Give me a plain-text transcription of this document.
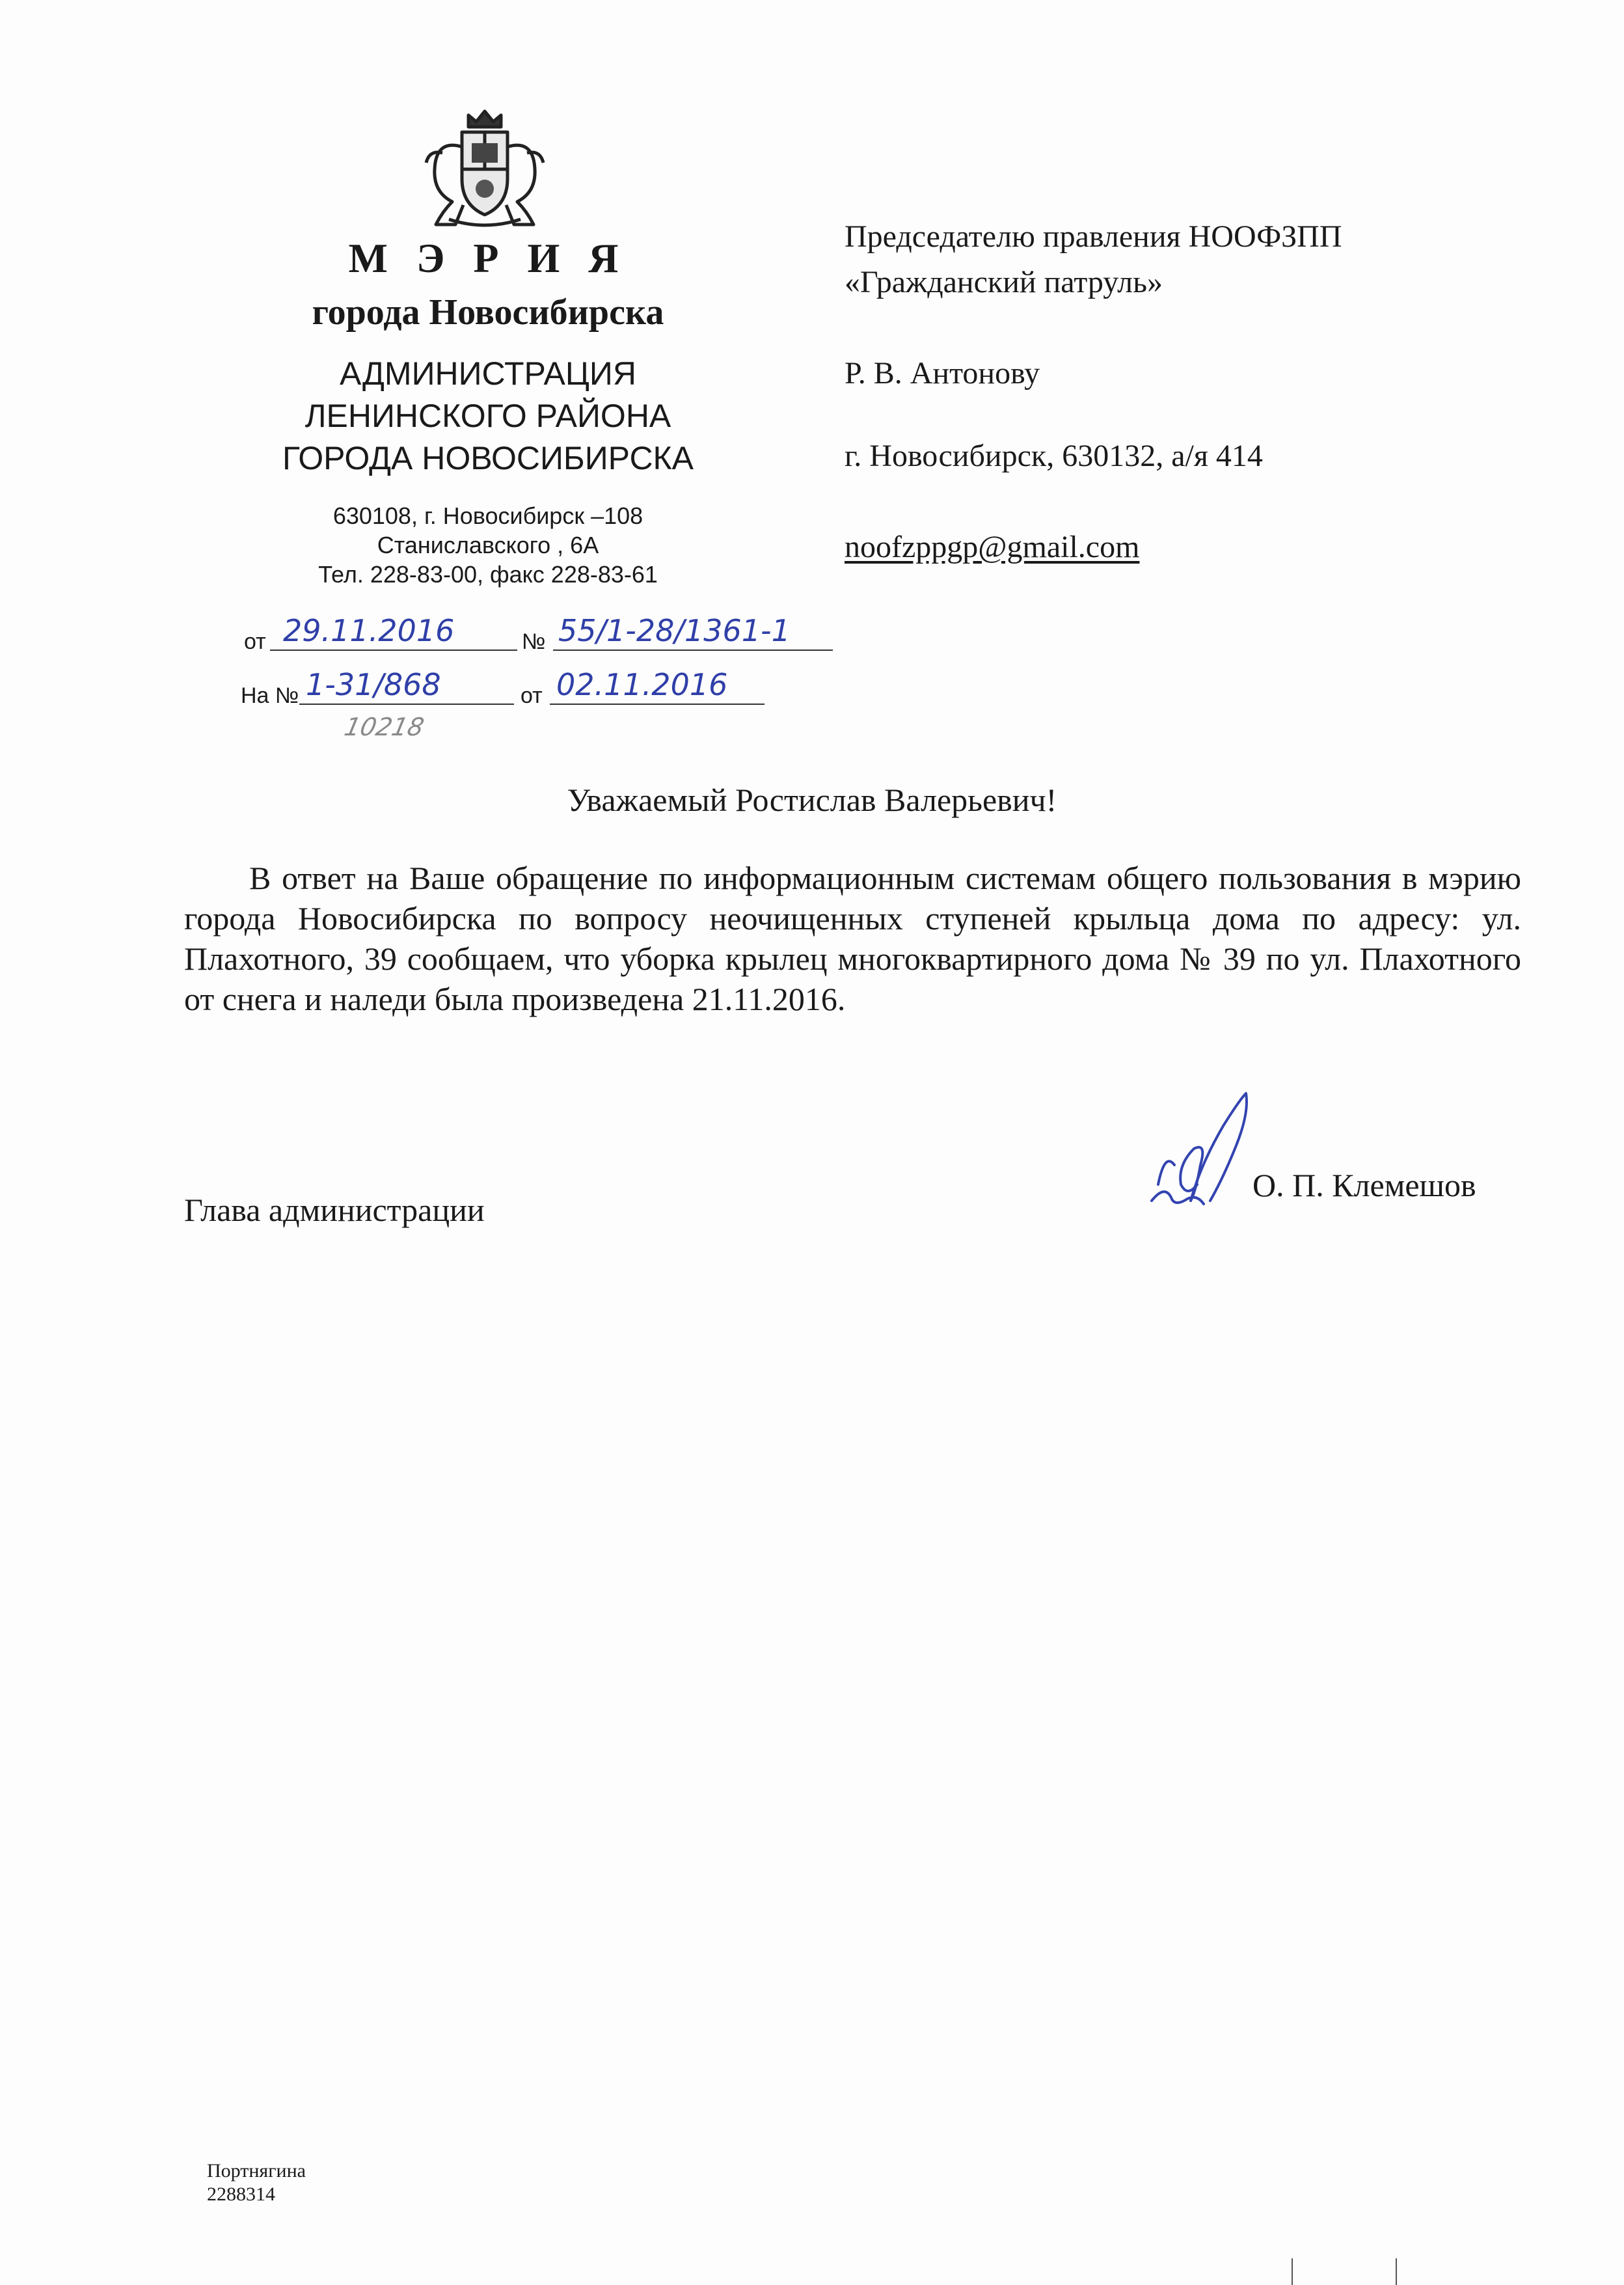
М Э Р И Я
города Новосибирска
АДМИНИСТРАЦИЯ
ЛЕНИНСКОГО РАЙОНА
ГОРОДА НОВОСИБИРСКА
630108, г. Новосибирск –108
Станиславского , 6А
Тел. 228-83-00, факс 228-83-61
от 29.11.2016	№ 55/1-28/1361-1
На № 1-31/868	от 02.11.2016
10218
Председателю правления НООФЗПП
«Гражданский патруль»
Р. В. Антонову
г. Новосибирск, 630132, а/я 414
noofzppgp@gmail.com
Уважаемый Ростислав Валерьевич!

В ответ на Ваше обращение по информационным системам общего пользования в мэрию города Новосибирска по вопросу неочищенных ступеней крыльца дома по адресу: ул. Плахотного, 39 сообщаем, что уборка крылец многоквартирного дома № 39 по ул. Плахотного от снега и наледи была произведена 21.11.2016.

Глава администрации
О. П. Клемешов
Портнягина
2288314
